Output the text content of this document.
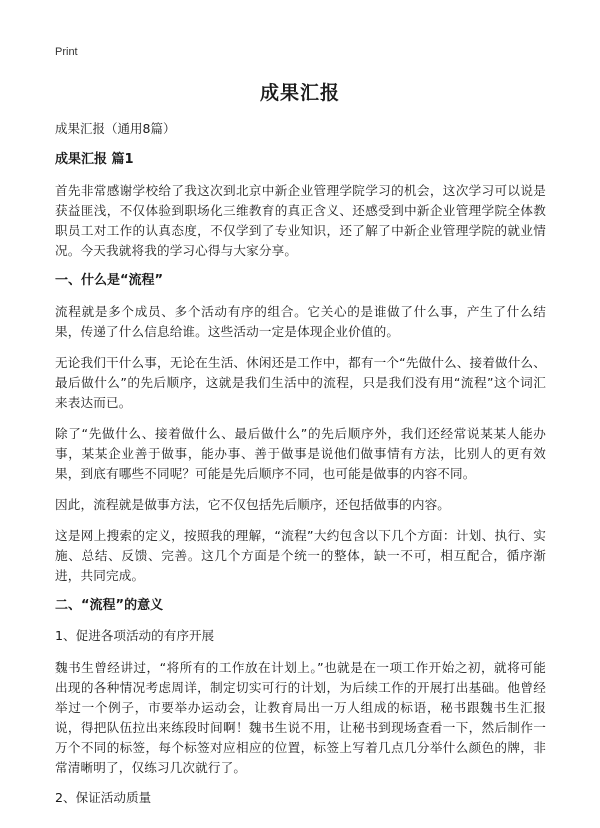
Print
成果汇报

成果汇报（通用8篇）

成果汇报 篇1

首先非常感谢学校给了我这次到北京中新企业管理学院学习的机会，这次学习可以说是获益匪浅，不仅体验到职场化三维教育的真正含义、还感受到中新企业管理学院全体教职员工对工作的认真态度，不仅学到了专业知识，还了解了中新企业管理学院的就业情况。今天我就将我的学习心得与大家分享。

一、什么是“流程”

流程就是多个成员、多个活动有序的组合。它关心的是谁做了什么事，产生了什么结果，传递了什么信息给谁。这些活动一定是体现企业价值的。

无论我们干什么事，无论在生活、休闲还是工作中，都有一个“先做什么、接着做什么、最后做什么”的先后顺序，这就是我们生活中的流程，只是我们没有用“流程”这个词汇来表达而已。

除了“先做什么、接着做什么、最后做什么”的先后顺序外，我们还经常说某某人能办事，某某企业善于做事，能办事、善于做事是说他们做事情有方法，比别人的更有效果，到底有哪些不同呢？可能是先后顺序不同，也可能是做事的内容不同。

因此，流程就是做事方法，它不仅包括先后顺序，还包括做事的内容。

这是网上搜索的定义，按照我的理解，“流程”大约包含以下几个方面：计划、执行、实施、总结、反馈、完善。这几个方面是个统一的整体，缺一不可，相互配合，循序渐进，共同完成。

二、“流程”的意义

1、促进各项活动的有序开展

魏书生曾经讲过，“将所有的工作放在计划上。”也就是在一项工作开始之初，就将可能出现的各种情况考虑周详，制定切实可行的计划，为后续工作的开展打出基础。他曾经举过一个例子，市要举办运动会，让教育局出一万人组成的标语，秘书跟魏书生汇报说，得把队伍拉出来练段时间啊！魏书生说不用，让秘书到现场查看一下，然后制作一万个不同的标签，每个标签对应相应的位置，标签上写着几点几分举什么颜色的牌，非常清晰明了，仅练习几次就行了。

2、保证活动质量
